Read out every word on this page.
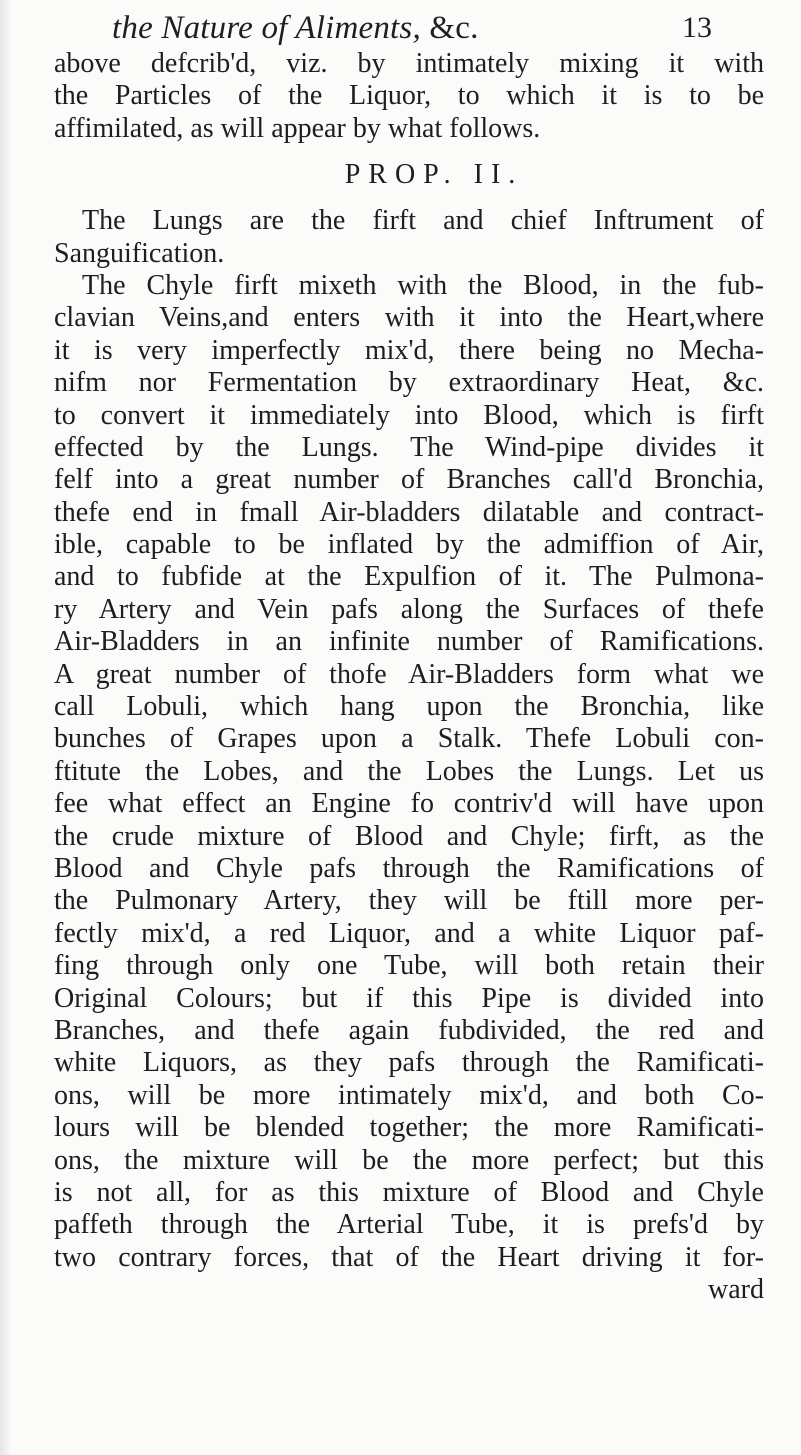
the Nature of Aliments, &c.	13
above defcrib'd, viz. by intimately mixing it with
the Particles of the Liquor, to which it is to be
affimilated, as will appear by what follows.
PROP. II.
The Lungs are the firft and chief Inftrument of
Sanguification.
The Chyle firft mixeth with the Blood, in the fub-
clavian Veins,and enters with it into the Heart,where
it is very imperfectly mix'd, there being no Mecha-
nifm nor Fermentation by extraordinary Heat, &c.
to convert it immediately into Blood, which is firft
effected by the Lungs. The Wind-pipe divides it
felf into a great number of Branches call'd Bronchia,
thefe end in fmall Air-bladders dilatable and contract-
ible, capable to be inflated by the admiffion of Air,
and to fubfide at the Expulfion of it. The Pulmona-
ry Artery and Vein pafs along the Surfaces of thefe
Air-Bladders in an infinite number of Ramifications.
A great number of thofe Air-Bladders form what we
call Lobuli, which hang upon the Bronchia, like
bunches of Grapes upon a Stalk. Thefe Lobuli con-
ftitute the Lobes, and the Lobes the Lungs. Let us
fee what effect an Engine fo contriv'd will have upon
the crude mixture of Blood and Chyle; firft, as the
Blood and Chyle pafs through the Ramifications of
the Pulmonary Artery, they will be ftill more per-
fectly mix'd, a red Liquor, and a white Liquor paf-
fing through only one Tube, will both retain their
Original Colours; but if this Pipe is divided into
Branches, and thefe again fubdivided, the red and
white Liquors, as they pafs through the Ramificati-
ons, will be more intimately mix'd, and both Co-
lours will be blended together; the more Ramificati-
ons, the mixture will be the more perfect; but this
is not all, for as this mixture of Blood and Chyle
paffeth through the Arterial Tube, it is prefs'd by
two contrary forces, that of the Heart driving it for-
ward
